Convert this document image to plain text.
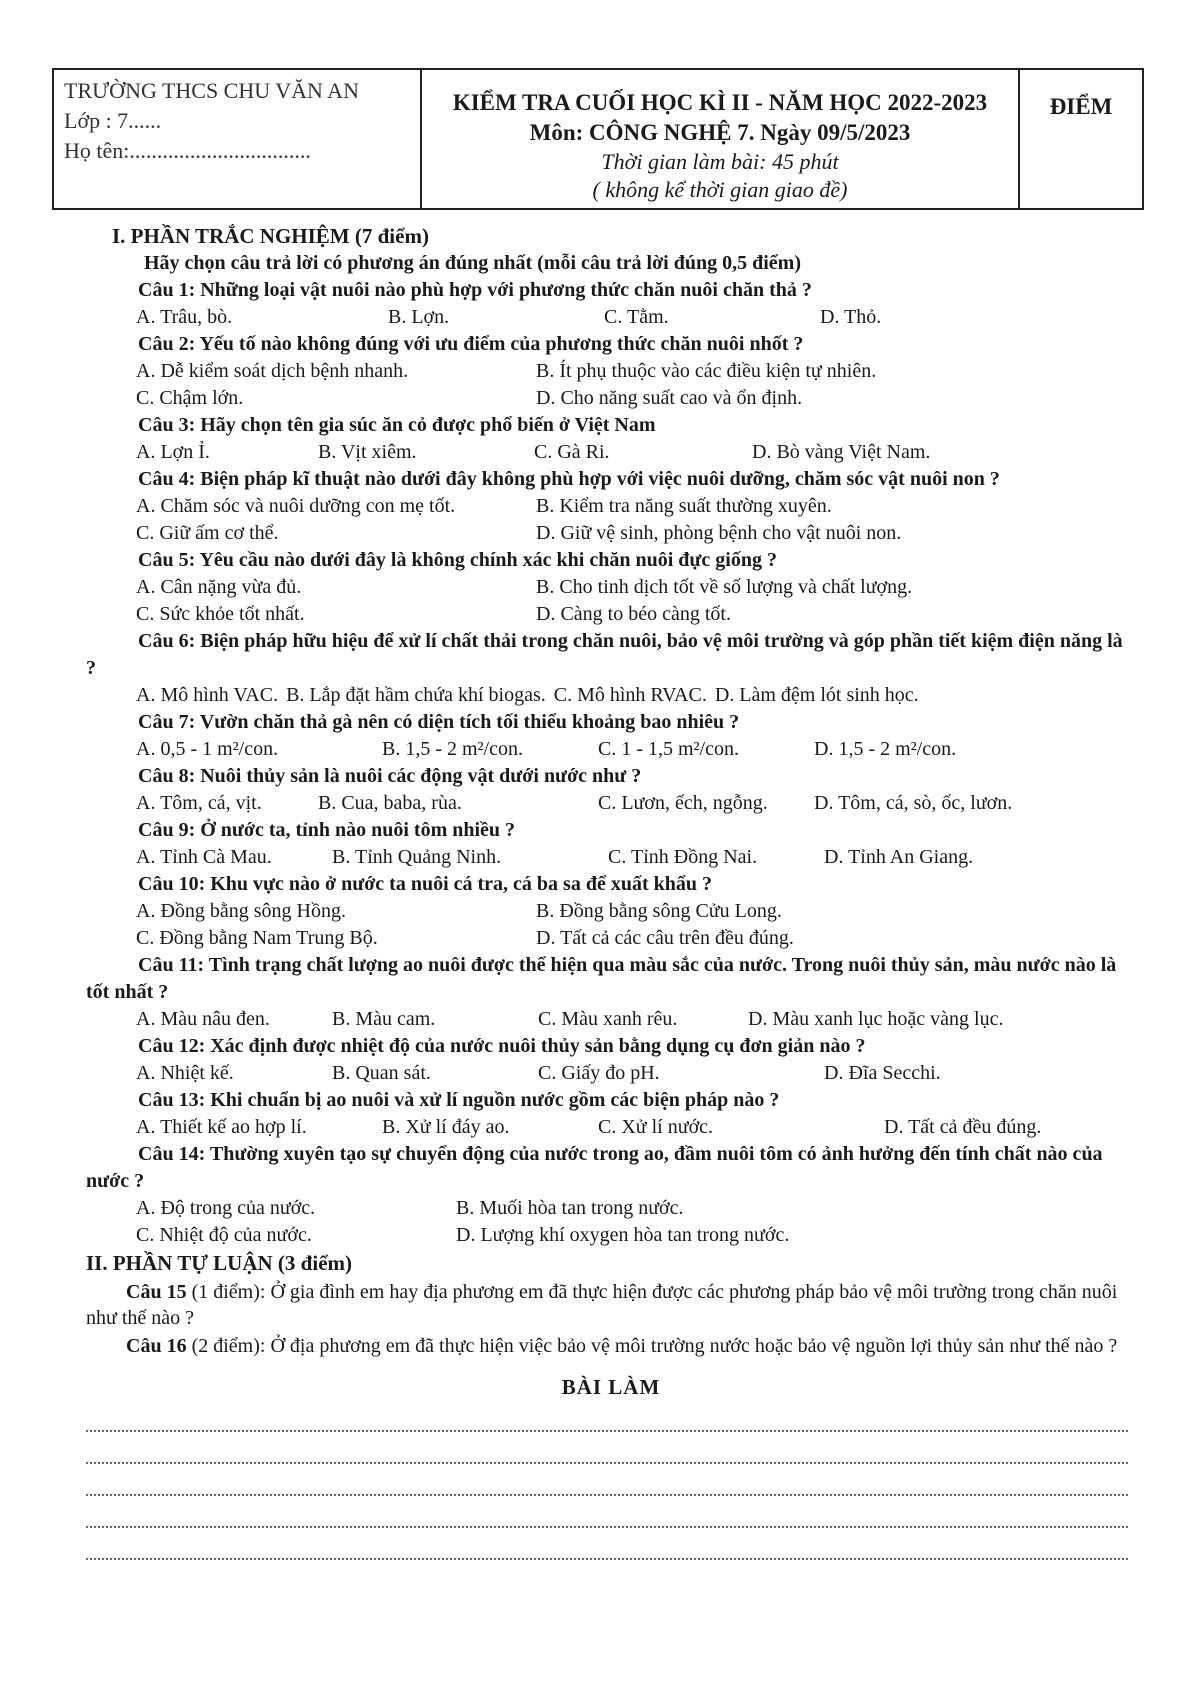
TRƯỜNG THCS CHU VĂN AN
Lớp : 7......
Họ tên:.................................
KIỂM TRA CUỐI HỌC KÌ II - NĂM HỌC 2022-2023
Môn: CÔNG NGHỆ 7. Ngày 09/5/2023
Thời gian làm bài: 45 phút
( không kể thời gian giao đề)
ĐIỂM
I. PHẦN TRẮC NGHIỆM (7 điểm)
Hãy chọn câu trả lời có phương án đúng nhất (mỗi câu trả lời đúng 0,5 điểm)
Câu 1: Những loại vật nuôi nào phù hợp với phương thức chăn nuôi chăn thả ?
A. Trâu, bò.	B. Lợn.	C. Tằm.	D. Thỏ.
Câu 2: Yếu tố nào không đúng với ưu điểm của phương thức chăn nuôi nhốt ?
A. Dễ kiểm soát dịch bệnh nhanh.	B. Ít phụ thuộc vào các điều kiện tự nhiên.
C. Chậm lớn.	D. Cho năng suất cao và ổn định.
Câu 3: Hãy chọn tên gia súc ăn cỏ được phổ biến ở Việt Nam
A. Lợn Ỉ.	B. Vịt xiêm.	C. Gà Ri.	D. Bò vàng Việt Nam.
Câu 4: Biện pháp kĩ thuật nào dưới đây không phù hợp với việc nuôi dưỡng, chăm sóc vật nuôi non ?
A. Chăm sóc và nuôi dưỡng con mẹ tốt.	B. Kiểm tra năng suất thường xuyên.
C. Giữ ấm cơ thể.	D. Giữ vệ sinh, phòng bệnh cho vật nuôi non.
Câu 5: Yêu cầu nào dưới đây là không chính xác khi chăn nuôi đực giống ?
A. Cân nặng vừa đủ.	B. Cho tinh dịch tốt về số lượng và chất lượng.
C. Sức khỏe tốt nhất.	D. Càng to béo càng tốt.
Câu 6: Biện pháp hữu hiệu để xử lí chất thải trong chăn nuôi, bảo vệ môi trường và góp phần tiết kiệm điện năng là ?
A. Mô hình VAC. B. Lắp đặt hầm chứa khí biogas. C. Mô hình RVAC. D. Làm đệm lót sinh học.
Câu 7: Vườn chăn thả gà nên có diện tích tối thiểu khoảng bao nhiêu ?
A. 0,5 - 1 m²/con.	B. 1,5 - 2 m²/con.	C. 1 - 1,5 m²/con.	D. 1,5 - 2 m²/con.
Câu 8: Nuôi thủy sản là nuôi các động vật dưới nước như ?
A. Tôm, cá, vịt.	B. Cua, baba, rùa.	C. Lươn, ếch, ngỗng.	D. Tôm, cá, sò, ốc, lươn.
Câu 9: Ở nước ta, tỉnh nào nuôi tôm nhiều ?
A. Tỉnh Cà Mau.	B. Tỉnh Quảng Ninh.	C. Tỉnh Đồng Nai.	D. Tỉnh An Giang.
Câu 10: Khu vực nào ở nước ta nuôi cá tra, cá ba sa để xuất khẩu ?
A. Đồng bằng sông Hồng.	B. Đồng bằng sông Cửu Long.
C. Đồng bằng Nam Trung Bộ.	D. Tất cả các câu trên đều đúng.
Câu 11: Tình trạng chất lượng ao nuôi được thể hiện qua màu sắc của nước. Trong nuôi thủy sản, màu nước nào là tốt nhất ?
A. Màu nâu đen.	B. Màu cam.	C. Màu xanh rêu.	D. Màu xanh lục hoặc vàng lục.
Câu 12: Xác định được nhiệt độ của nước nuôi thủy sản bằng dụng cụ đơn giản nào ?
A. Nhiệt kế.	B. Quan sát.	C. Giấy đo pH.	D. Đĩa Secchi.
Câu 13: Khi chuẩn bị ao nuôi và xử lí nguồn nước gồm các biện pháp nào ?
A. Thiết kế ao hợp lí.	B. Xử lí đáy ao.	C. Xử lí nước.	D. Tất cả đều đúng.
Câu 14: Thường xuyên tạo sự chuyển động của nước trong ao, đầm nuôi tôm có ảnh hưởng đến tính chất nào của nước ?
A. Độ trong của nước.	B. Muối hòa tan trong nước.
C. Nhiệt độ của nước.	D. Lượng khí oxygen hòa tan trong nước.
II. PHẦN TỰ LUẬN (3 điểm)
Câu 15 (1 điểm): Ở gia đình em hay địa phương em đã thực hiện được các phương pháp bảo vệ môi trường trong chăn nuôi như thế nào ?
Câu 16 (2 điểm): Ở địa phương em đã thực hiện việc bảo vệ môi trường nước hoặc bảo vệ nguồn lợi thủy sản như thế nào ?
BÀI LÀM
